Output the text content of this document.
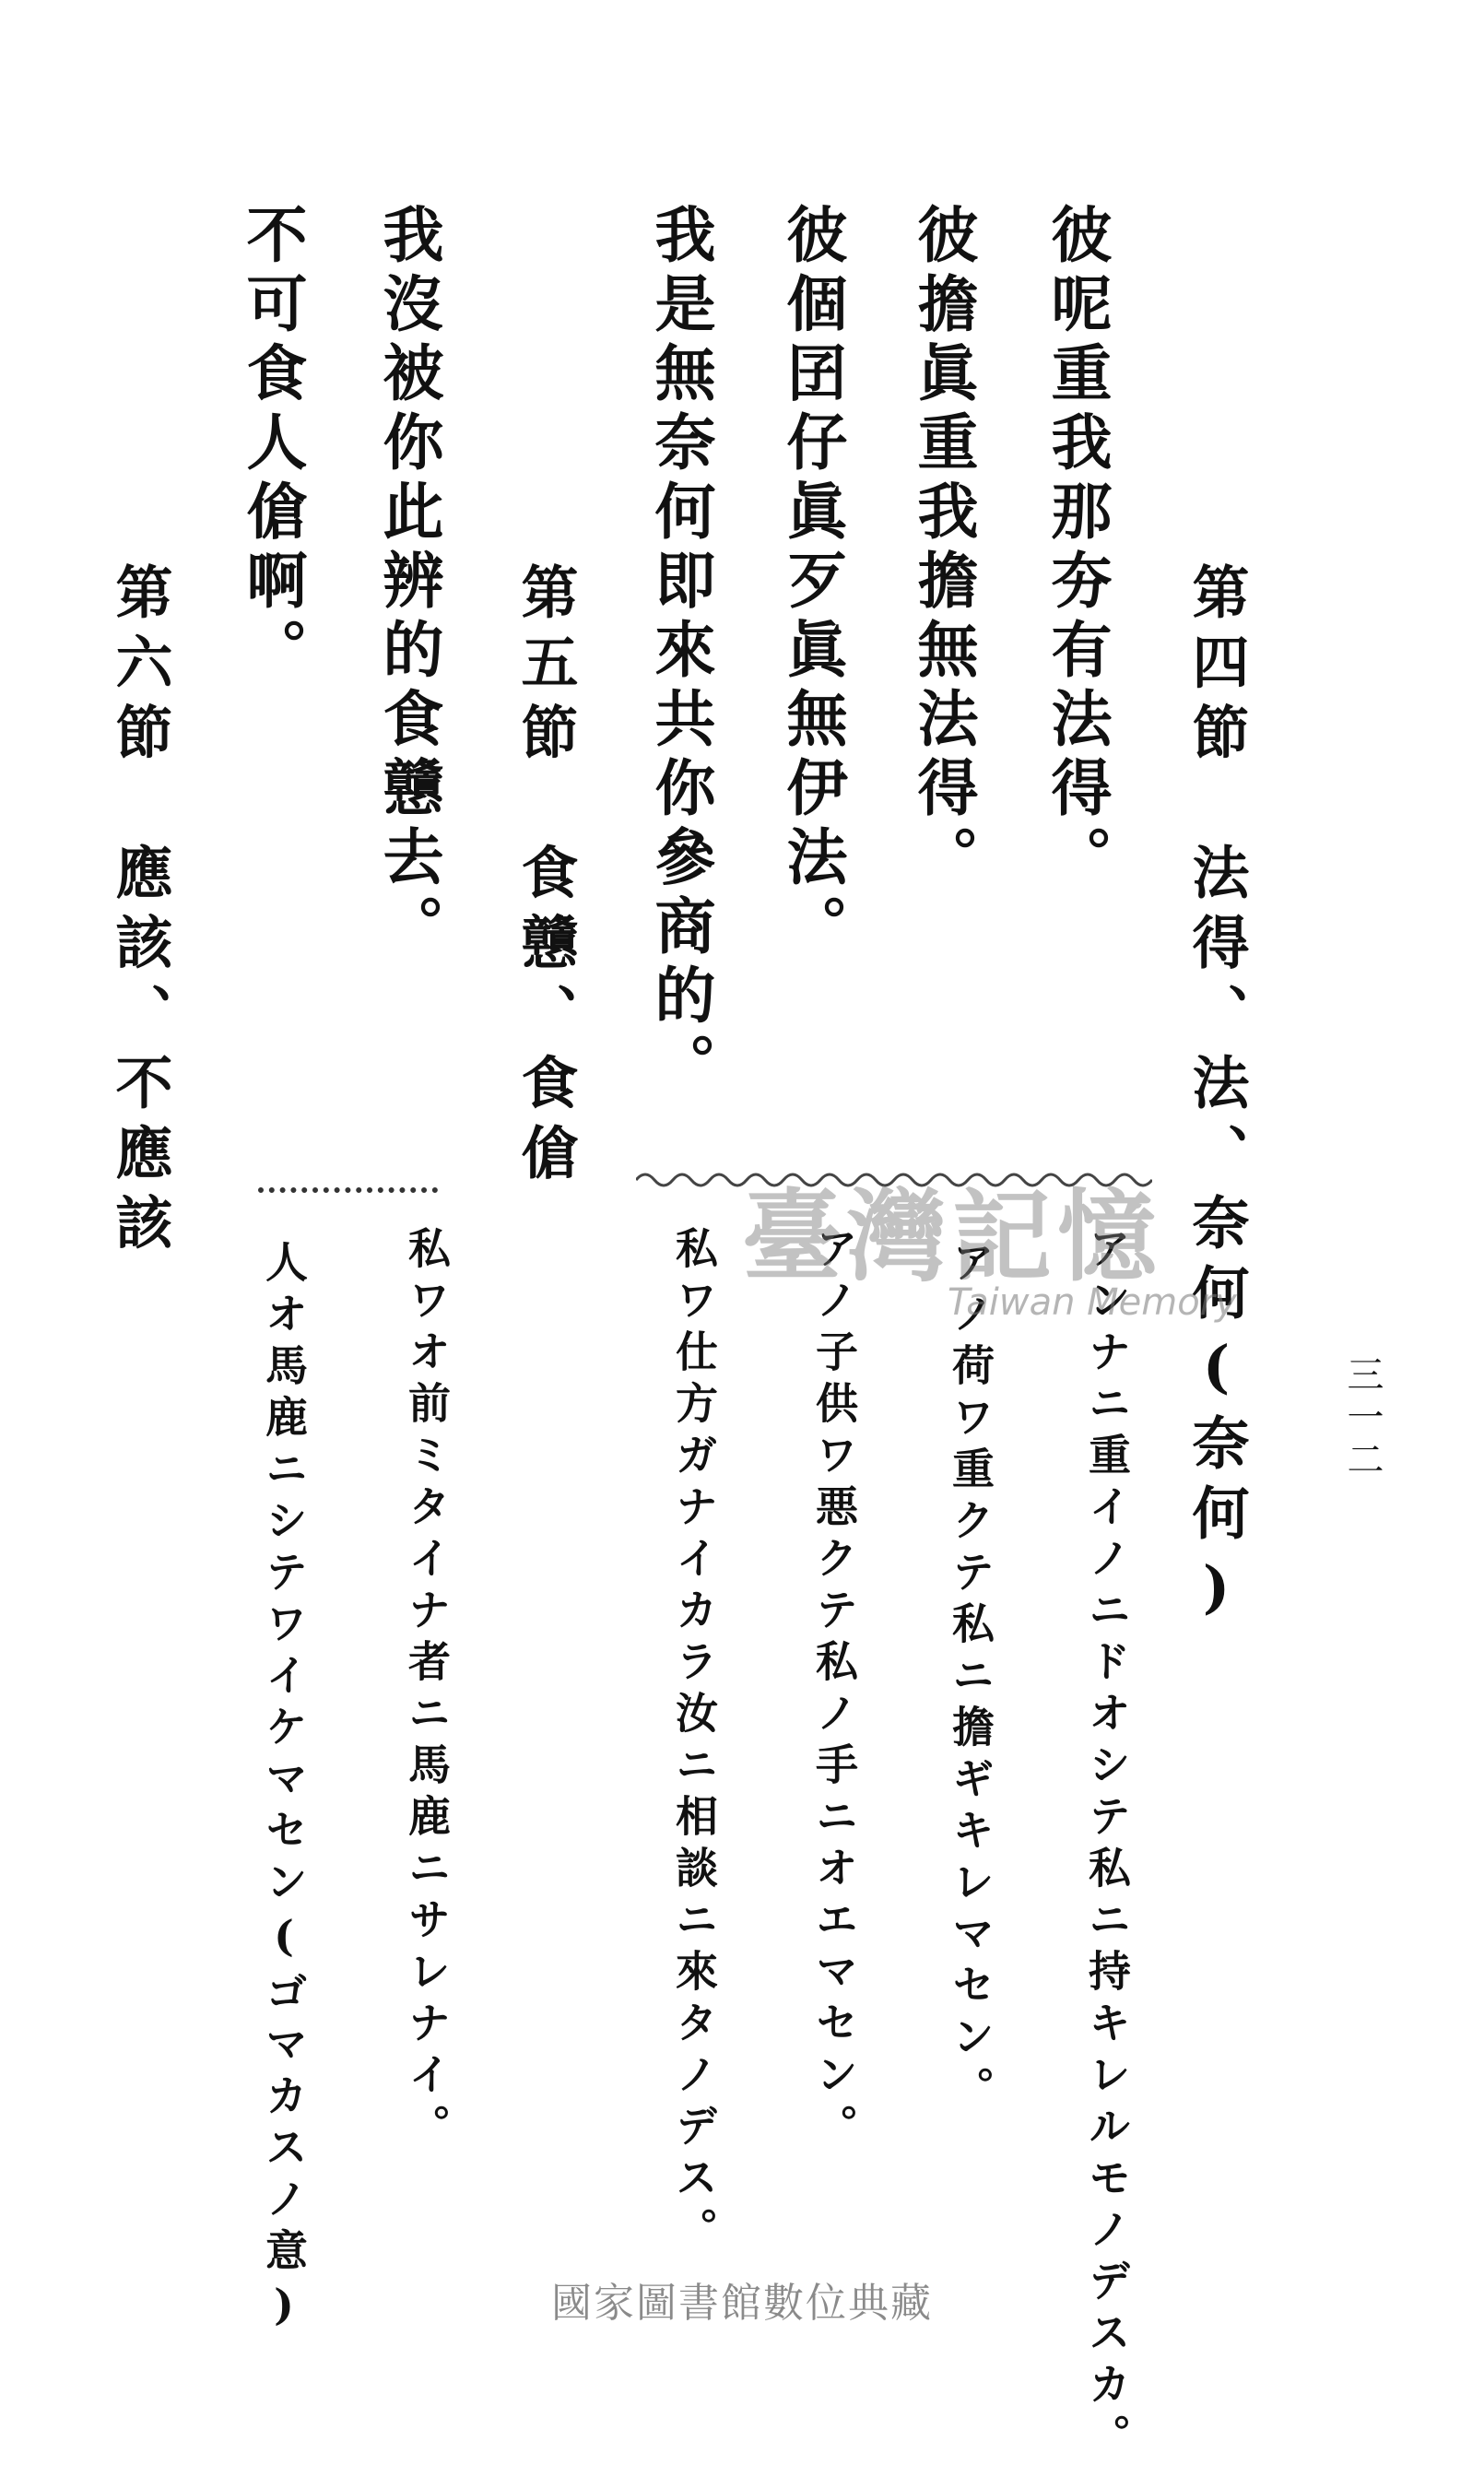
三一二
第四節　法得、法、奈何(奈何)
彼呢重我那夯有法得。
彼擔眞重我擔無法得。
彼個囝仔眞歹眞無伊法。
我是無奈何即來共你參商的。
アンナニ重イノニドオシテ私ニ持キレルモノデスカ。
アノ荷ワ重クテ私ニ擔ギキレマセン。
アノ子供ワ悪クテ私ノ手ニオエマセン。
私ワ仕方ガナイカラ汝ニ相談ニ來タノデス。
第五節　食戇、食傖
我沒被你此辨的食戇去。
不可食人傖啊。
私ワオ前ミタイナ者ニ馬鹿ニサレナイ。
人オ馬鹿ニシテワイケマセン(ゴマカスノ意)
第六節　應該、不應該	臺灣記憶
Taiwan Memory
國家圖書館數位典藏
